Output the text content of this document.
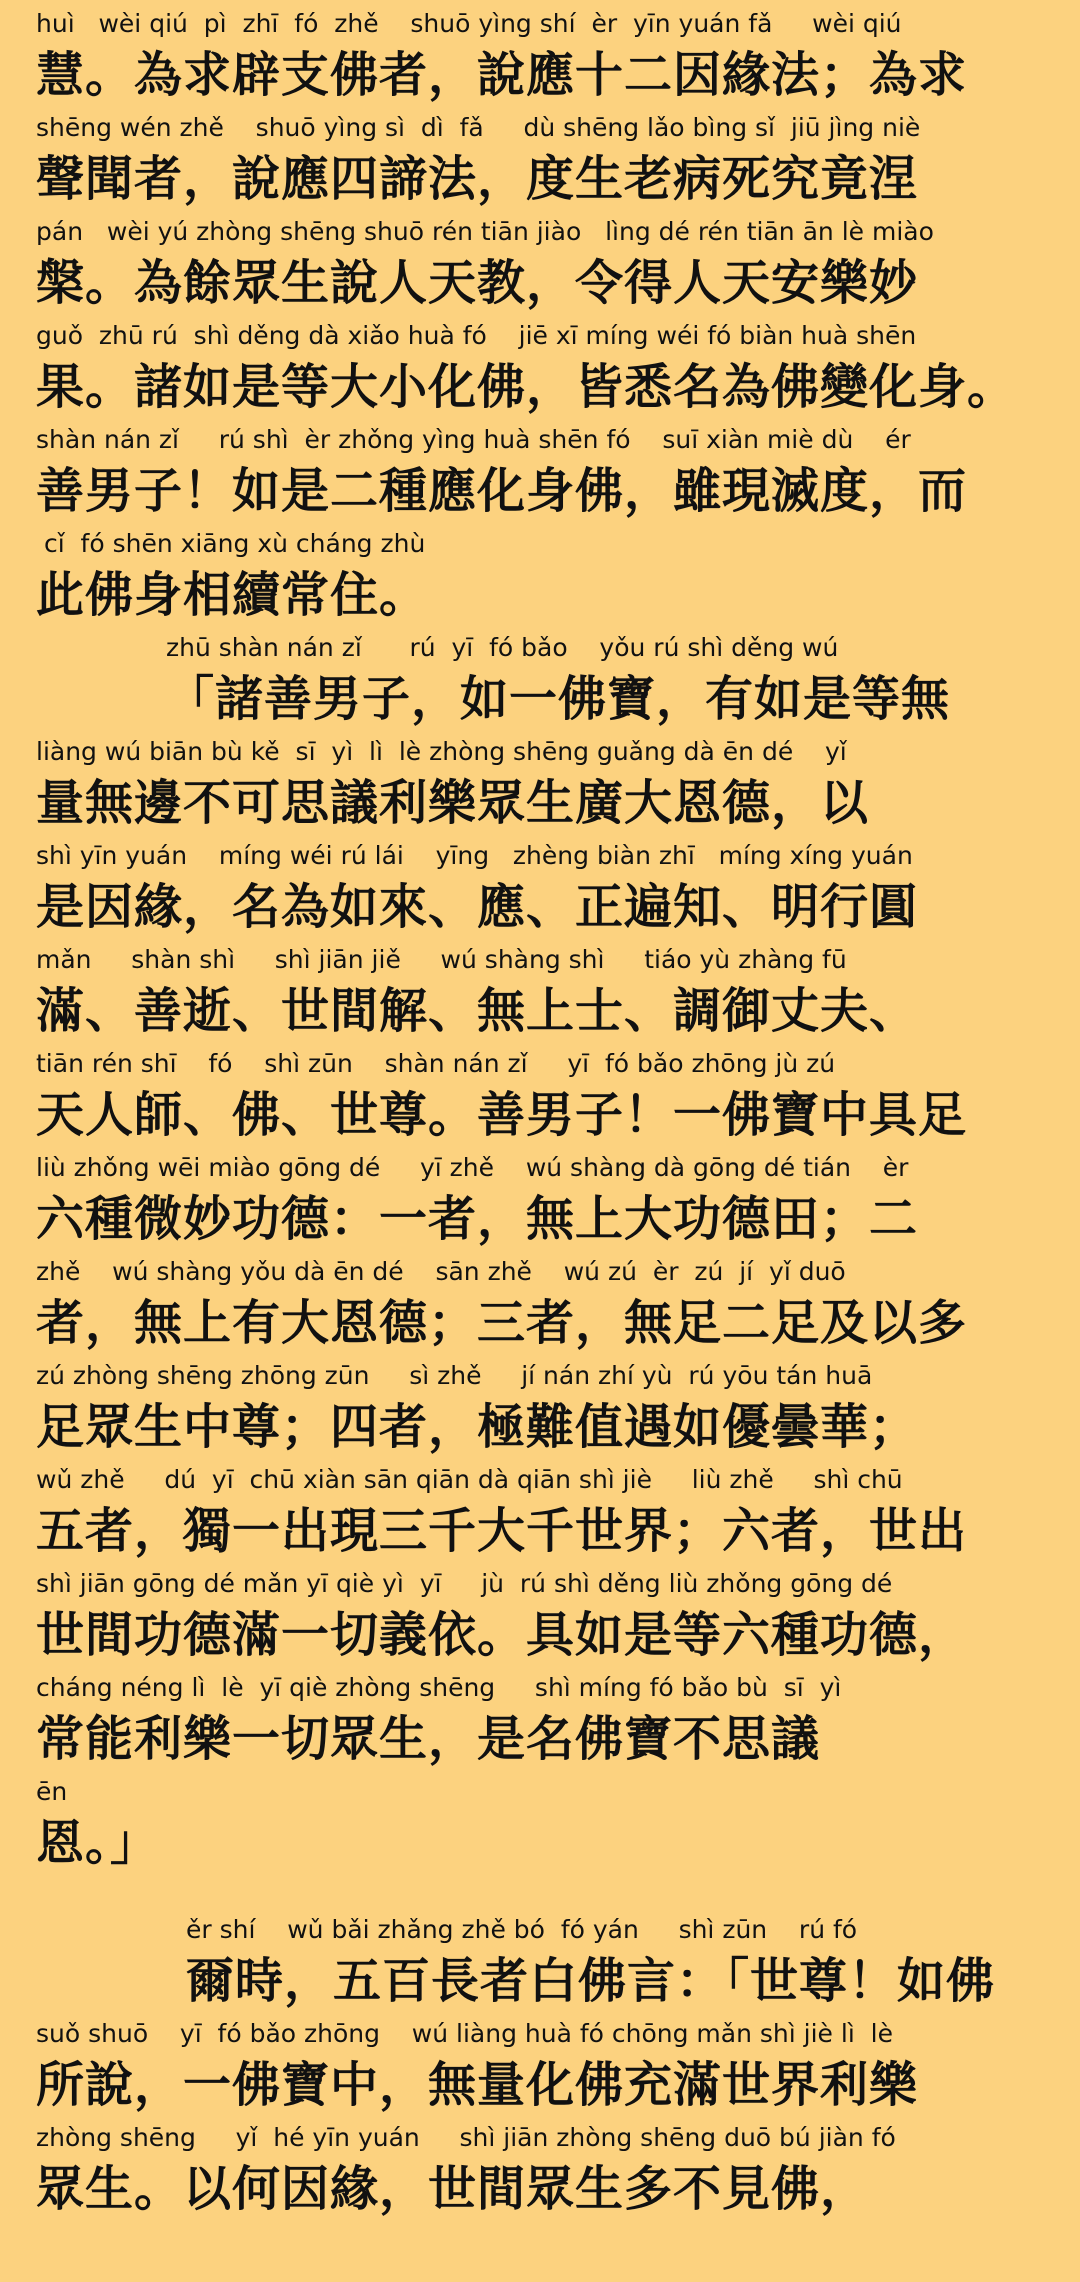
huì   wèi qiú  pì  zhī  fó  zhě    shuō yìng shí  èr  yīn yuán fǎ     wèi qiú
慧。為求辟支佛者，說應十二因緣法；為求
shēng wén zhě    shuō yìng sì  dì  fǎ     dù shēng lǎo bìng sǐ  jiū jìng niè
聲聞者，說應四諦法，度生老病死究竟涅
pán   wèi yú zhòng shēng shuō rén tiān jiào   lìng dé rén tiān ān lè miào
槃。為餘眾生說人天教，令得人天安樂妙
guǒ  zhū rú  shì děng dà xiǎo huà fó    jiē xī míng wéi fó biàn huà shēn
果。諸如是等大小化佛，皆悉名為佛變化身。
shàn nán zǐ     rú shì  èr zhǒng yìng huà shēn fó    suī xiàn miè dù    ér
善男子！如是二種應化身佛，雖現滅度，而
cǐ  fó shēn xiāng xù cháng zhù
此佛身相續常住。
zhū shàn nán zǐ      rú  yī  fó bǎo    yǒu rú shì děng wú
「諸善男子，如一佛寶，有如是等無
liàng wú biān bù kě  sī  yì  lì  lè zhòng shēng guǎng dà ēn dé    yǐ
量無邊不可思議利樂眾生廣大恩德，以
shì yīn yuán    míng wéi rú lái    yīng   zhèng biàn zhī   míng xíng yuán
是因緣，名為如來、應、正遍知、明行圓
mǎn     shàn shì     shì jiān jiě     wú shàng shì     tiáo yù zhàng fū
滿、善逝、世間解、無上士、調御丈夫、
tiān rén shī    fó    shì zūn    shàn nán zǐ     yī  fó bǎo zhōng jù zú
天人師、佛、世尊。善男子！一佛寶中具足
liù zhǒng wēi miào gōng dé     yī zhě    wú shàng dà gōng dé tián    èr
六種微妙功德：一者，無上大功德田；二
zhě    wú shàng yǒu dà ēn dé    sān zhě    wú zú  èr  zú  jí  yǐ duō
者，無上有大恩德；三者，無足二足及以多
zú zhòng shēng zhōng zūn     sì zhě     jí nán zhí yù  rú yōu tán huā
足眾生中尊；四者，極難值遇如優曇華；
wǔ zhě     dú  yī  chū xiàn sān qiān dà qiān shì jiè     liù zhě     shì chū
五者，獨一出現三千大千世界；六者，世出
shì jiān gōng dé mǎn yī qiè yì  yī     jù  rú shì děng liù zhǒng gōng dé
世間功德滿一切義依。具如是等六種功德，
cháng néng lì  lè  yī qiè zhòng shēng     shì míng fó bǎo bù  sī  yì
常能利樂一切眾生，是名佛寶不思議
ēn
恩。」
ěr shí    wǔ bǎi zhǎng zhě bó  fó yán     shì zūn    rú fó
爾時，五百長者白佛言：「世尊！如佛
suǒ shuō    yī  fó bǎo zhōng    wú liàng huà fó chōng mǎn shì jiè lì  lè
所說，一佛寶中，無量化佛充滿世界利樂
zhòng shēng     yǐ  hé yīn yuán     shì jiān zhòng shēng duō bú jiàn fó
眾生。以何因緣，世間眾生多不見佛，
